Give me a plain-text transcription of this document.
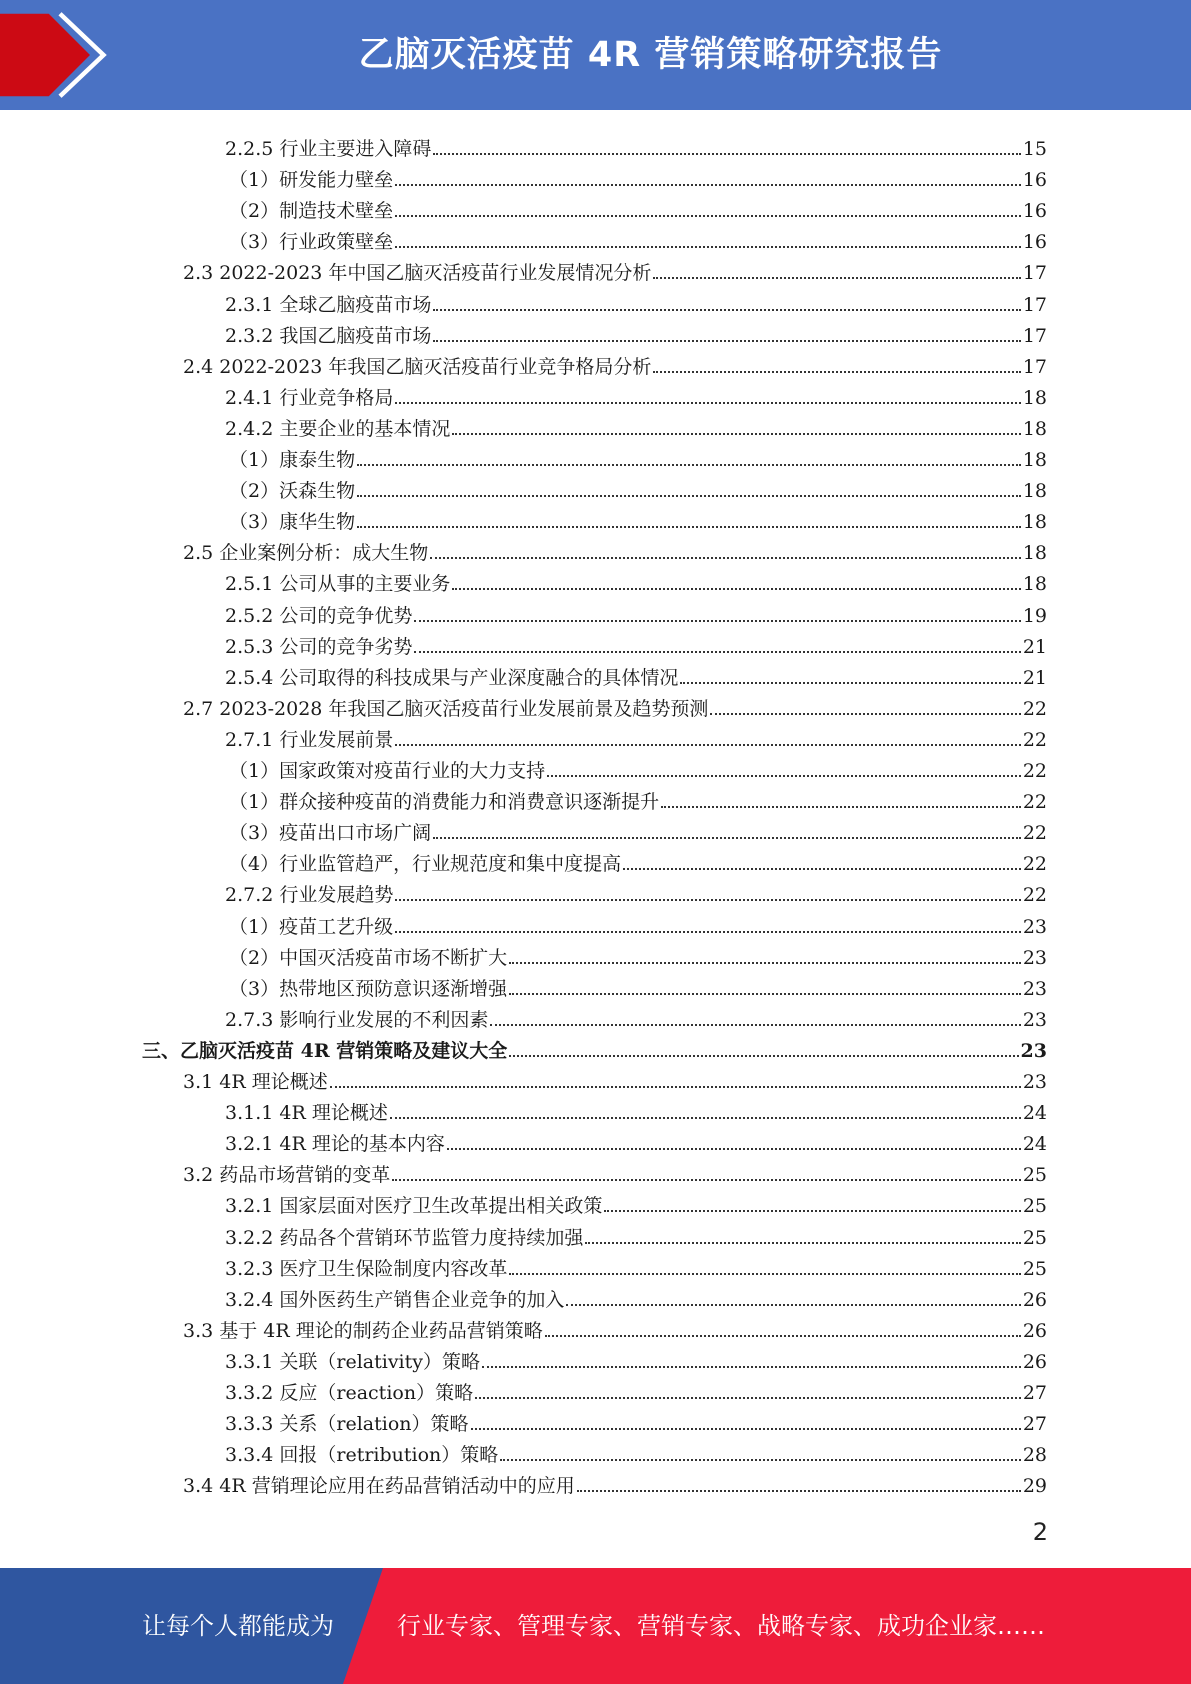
乙脑灭活疫苗 4R 营销策略研究报告
2.2.5 行业主要进入障碍	15
（1）研发能力壁垒	16
（2）制造技术壁垒	16
（3）行业政策壁垒	16
2.3 2022-2023 年中国乙脑灭活疫苗行业发展情况分析	17
2.3.1 全球乙脑疫苗市场	17
2.3.2 我国乙脑疫苗市场	17
2.4 2022-2023 年我国乙脑灭活疫苗行业竞争格局分析	17
2.4.1 行业竞争格局	18
2.4.2 主要企业的基本情况	18
（1）康泰生物	18
（2）沃森生物	18
（3）康华生物	18
2.5 企业案例分析：成大生物	18
2.5.1 公司从事的主要业务	18
2.5.2 公司的竞争优势	19
2.5.3 公司的竞争劣势	21
2.5.4 公司取得的科技成果与产业深度融合的具体情况	21
2.7 2023-2028 年我国乙脑灭活疫苗行业发展前景及趋势预测	22
2.7.1 行业发展前景	22
（1）国家政策对疫苗行业的大力支持	22
（1）群众接种疫苗的消费能力和消费意识逐渐提升	22
（3）疫苗出口市场广阔	22
（4）行业监管趋严，行业规范度和集中度提高	22
2.7.2 行业发展趋势	22
（1）疫苗工艺升级	23
（2）中国灭活疫苗市场不断扩大	23
（3）热带地区预防意识逐渐增强	23
2.7.3 影响行业发展的不利因素	23
三、乙脑灭活疫苗 4R 营销策略及建议大全	23
3.1 4R 理论概述	23
3.1.1 4R 理论概述	24
3.2.1 4R 理论的基本内容	24
3.2 药品市场营销的变革	25
3.2.1 国家层面对医疗卫生改革提出相关政策	25
3.2.2 药品各个营销环节监管力度持续加强	25
3.2.3 医疗卫生保险制度内容改革	25
3.2.4 国外医药生产销售企业竞争的加入	26
3.3 基于 4R 理论的制药企业药品营销策略	26
3.3.1 关联（relativity）策略	26
3.3.2 反应（reaction）策略	27
3.3.3 关系（relation）策略	27
3.3.4 回报（retribution）策略	28
3.4 4R 营销理论应用在药品营销活动中的应用	29
2
让每个人都能成为	行业专家、管理专家、营销专家、战略专家、成功企业家……
